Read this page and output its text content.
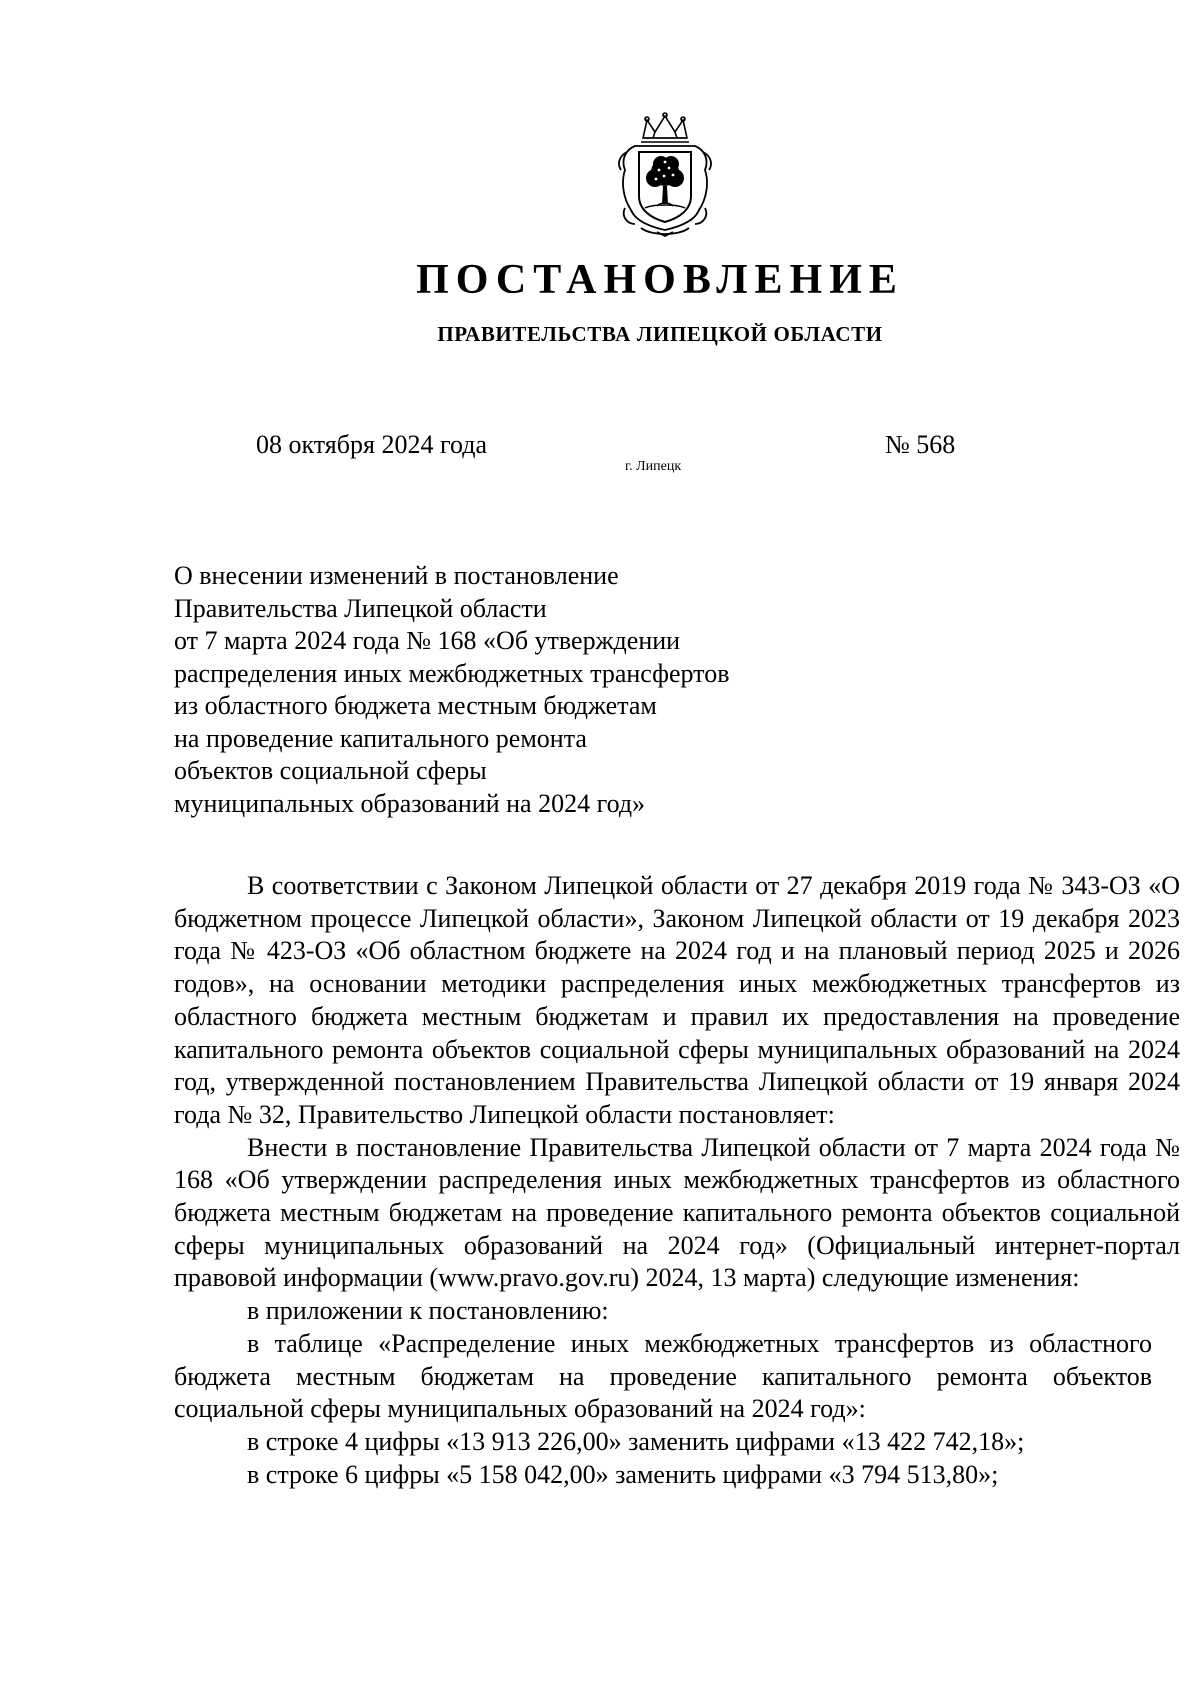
ПОСТАНОВЛЕНИЕ
ПРАВИТЕЛЬСТВА ЛИПЕЦКОЙ ОБЛАСТИ
08 октября 2024 года
г. Липецк
№ 568
О внесении изменений в постановление
Правительства Липецкой области
от 7 марта 2024 года № 168 «Об утверждении
распределения иных межбюджетных трансфертов
из областного бюджета местным бюджетам
на проведение капитального ремонта
объектов социальной сферы
муниципальных образований на 2024 год»

В соответствии с Законом Липецкой области от 27 декабря 2019 года № 343-ОЗ «О бюджетном процессе Липецкой области», Законом Липецкой области от 19 декабря 2023 года № 423-ОЗ «Об областном бюджете на 2024 год и на плановый период 2025 и 2026 годов», на основании методики распределения иных межбюджетных трансфертов из областного бюджета местным бюджетам и правил их предоставления на проведение капитального ремонта объектов социальной сферы муниципальных образований на 2024 год, утвержденной постановлением Правительства Липецкой области от 19 января 2024 года № 32, Правительство Липецкой области постановляет:

Внести в постановление Правительства Липецкой области от 7 марта 2024 года № 168 «Об утверждении распределения иных межбюджетных трансфертов из областного бюджета местным бюджетам на проведение капитального ремонта объектов социальной сферы муниципальных образований на 2024 год» (Официальный интернет-портал правовой информации (www.pravo.gov.ru) 2024, 13 марта) следующие изменения:

в приложении к постановлению:

в таблице «Распределение иных межбюджетных трансфертов из областного бюджета местным бюджетам на проведение капитального ремонта объектов социальной сферы муниципальных образований на 2024 год»:

в строке 4 цифры «13 913 226,00» заменить цифрами «13 422 742,18»;

в строке 6 цифры «5 158 042,00» заменить цифрами «3 794 513,80»;
